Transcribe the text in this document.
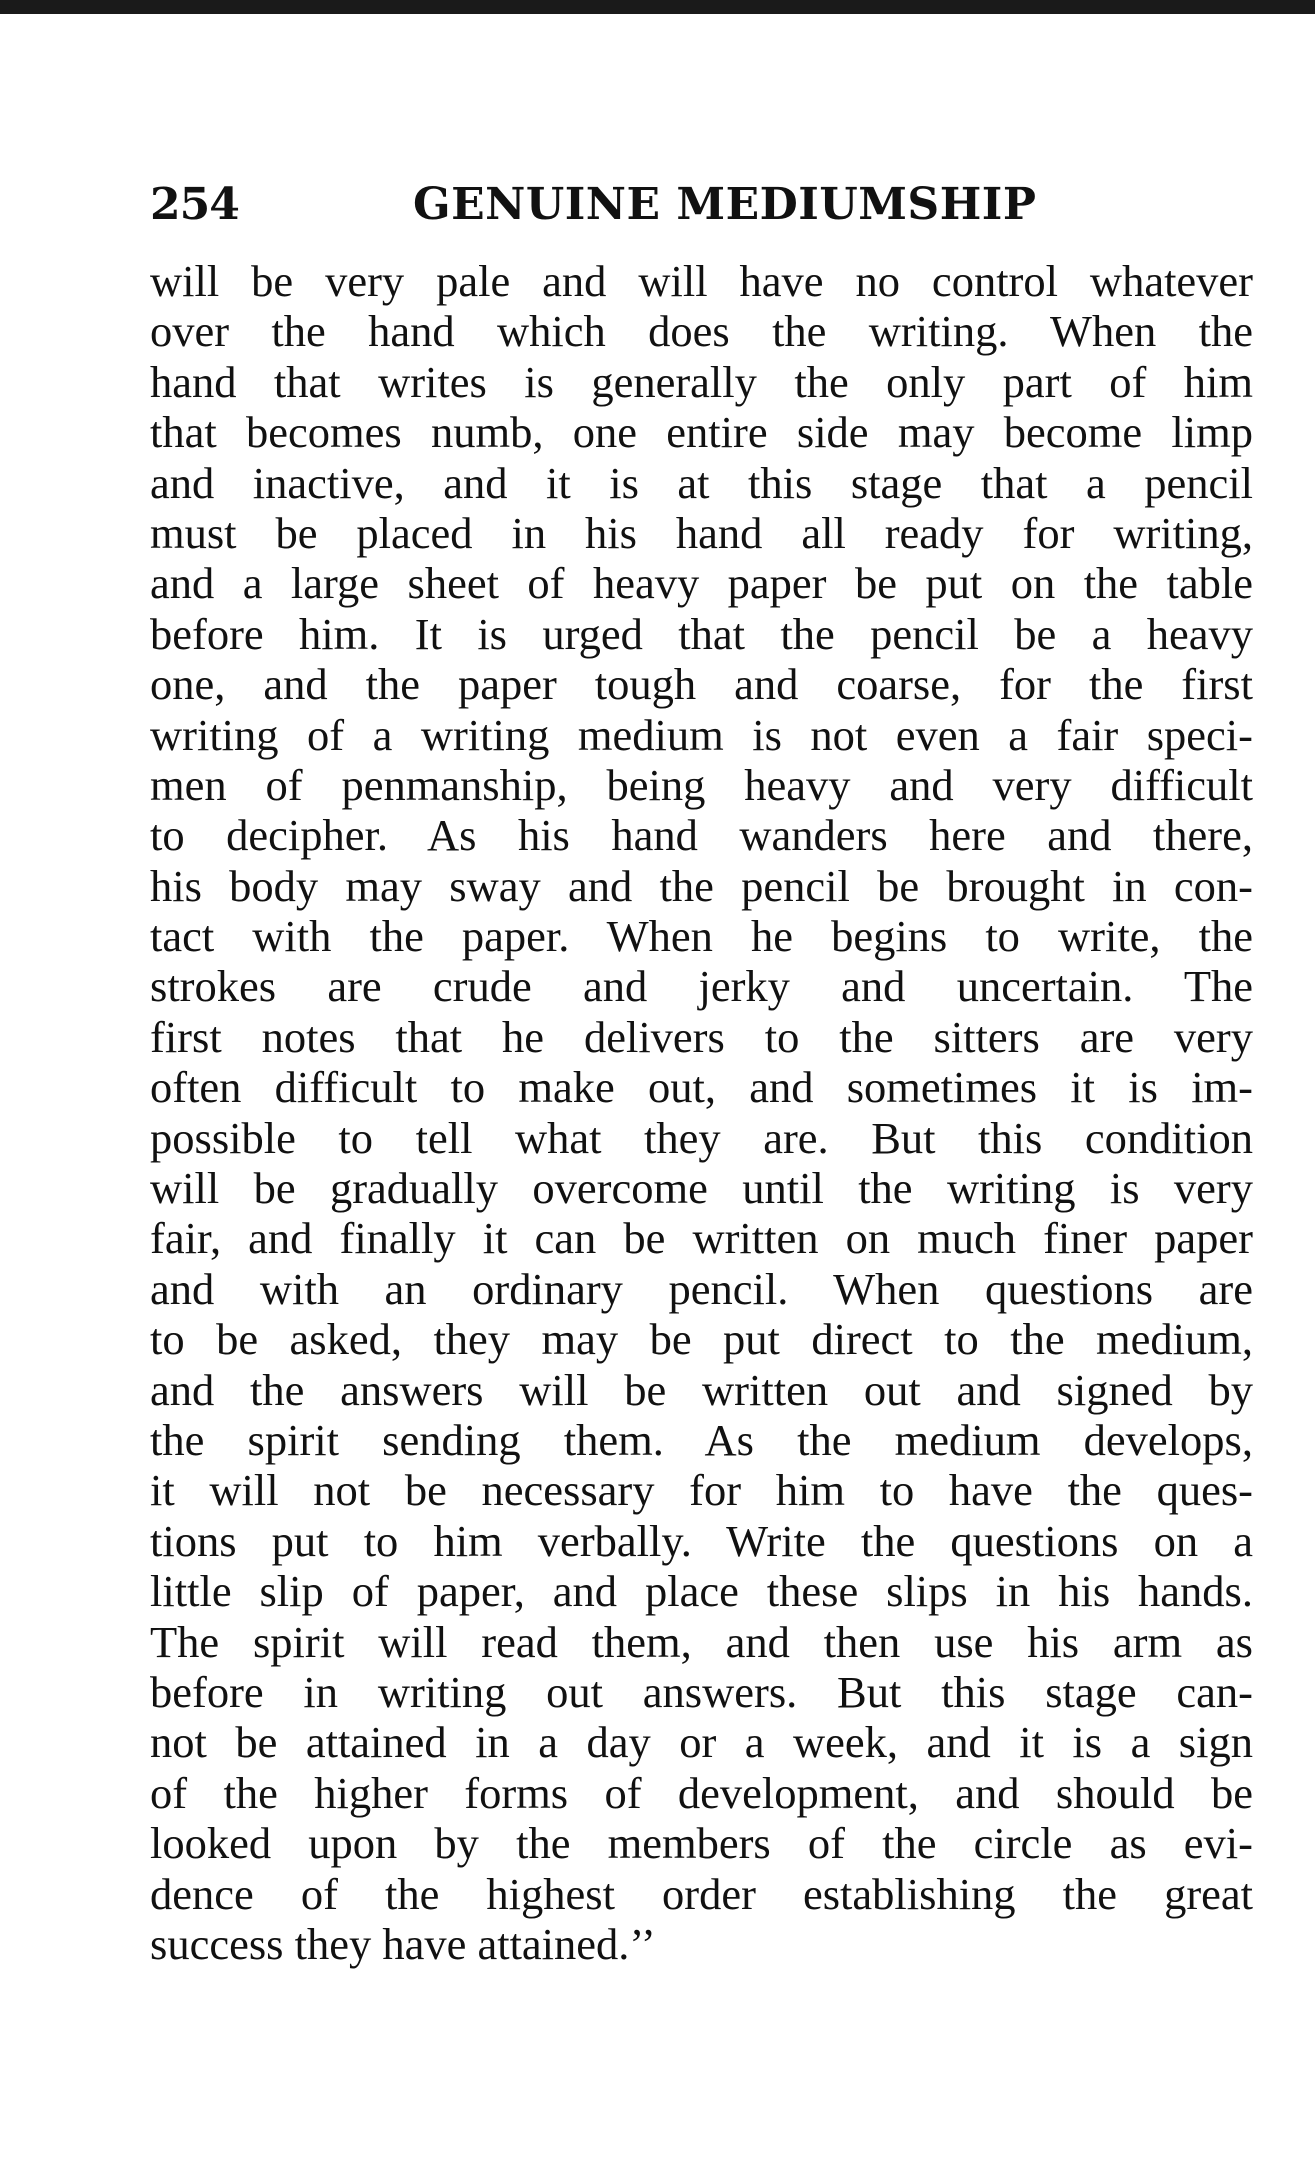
254	GENUINE MEDIUMSHIP
will be very pale and will have no control whatever
over the hand which does the writing. When the
hand that writes is generally the only part of him
that becomes numb, one entire side may become limp
and inactive, and it is at this stage that a pencil
must be placed in his hand all ready for writing,
and a large sheet of heavy paper be put on the table
before him. It is urged that the pencil be a heavy
one, and the paper tough and coarse, for the first
writing of a writing medium is not even a fair speci-
men of penmanship, being heavy and very difficult
to decipher. As his hand wanders here and there,
his body may sway and the pencil be brought in con-
tact with the paper. When he begins to write, the
strokes are crude and jerky and uncertain. The
first notes that he delivers to the sitters are very
often difficult to make out, and sometimes it is im-
possible to tell what they are. But this condition
will be gradually overcome until the writing is very
fair, and finally it can be written on much finer paper
and with an ordinary pencil. When questions are
to be asked, they may be put direct to the medium,
and the answers will be written out and signed by
the spirit sending them. As the medium develops,
it will not be necessary for him to have the ques-
tions put to him verbally. Write the questions on a
little slip of paper, and place these slips in his hands.
The spirit will read them, and then use his arm as
before in writing out answers. But this stage can-
not be attained in a day or a week, and it is a sign
of the higher forms of development, and should be
looked upon by the members of the circle as evi-
dence of the highest order establishing the great
success they have attained.’’
